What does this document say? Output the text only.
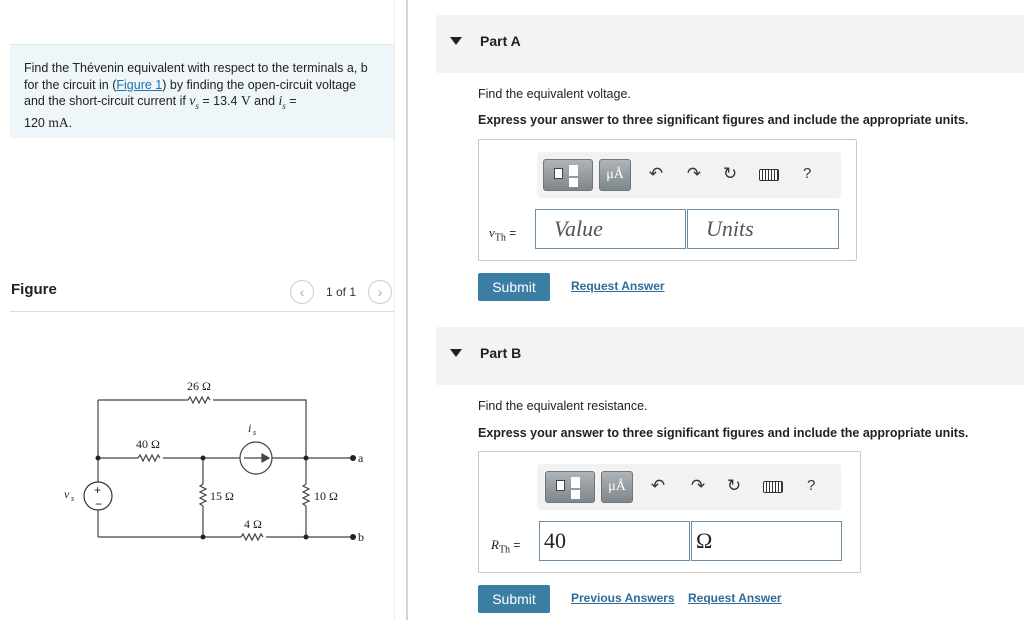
Find the Thévenin equivalent with respect to the terminals a, b for the circuit in (Figure 1) by finding the open-circuit voltage and the short-circuit current if $v_s = 13.4$ V and $i_s$ =
120 mA.
Figure	‹ 1 of 1 ›
26 Ω
+
−
v s
40 Ω
i s
15 Ω	10 Ω
4 Ω
a
b
Part A
Find the equivalent voltage.
Express your answer to three significant figures and include the appropriate units.
μÅ	↶ ↷ ↻	?
$v_{Th}$ =	Value	Units
Submit	Request Answer
Part B
Find the equivalent resistance.
Express your answer to three significant figures and include the appropriate units.
μÅ	↶ ↷ ↻	?
$R_{Th} = 40$	Ω
Submit	Previous Answers Request Answer
